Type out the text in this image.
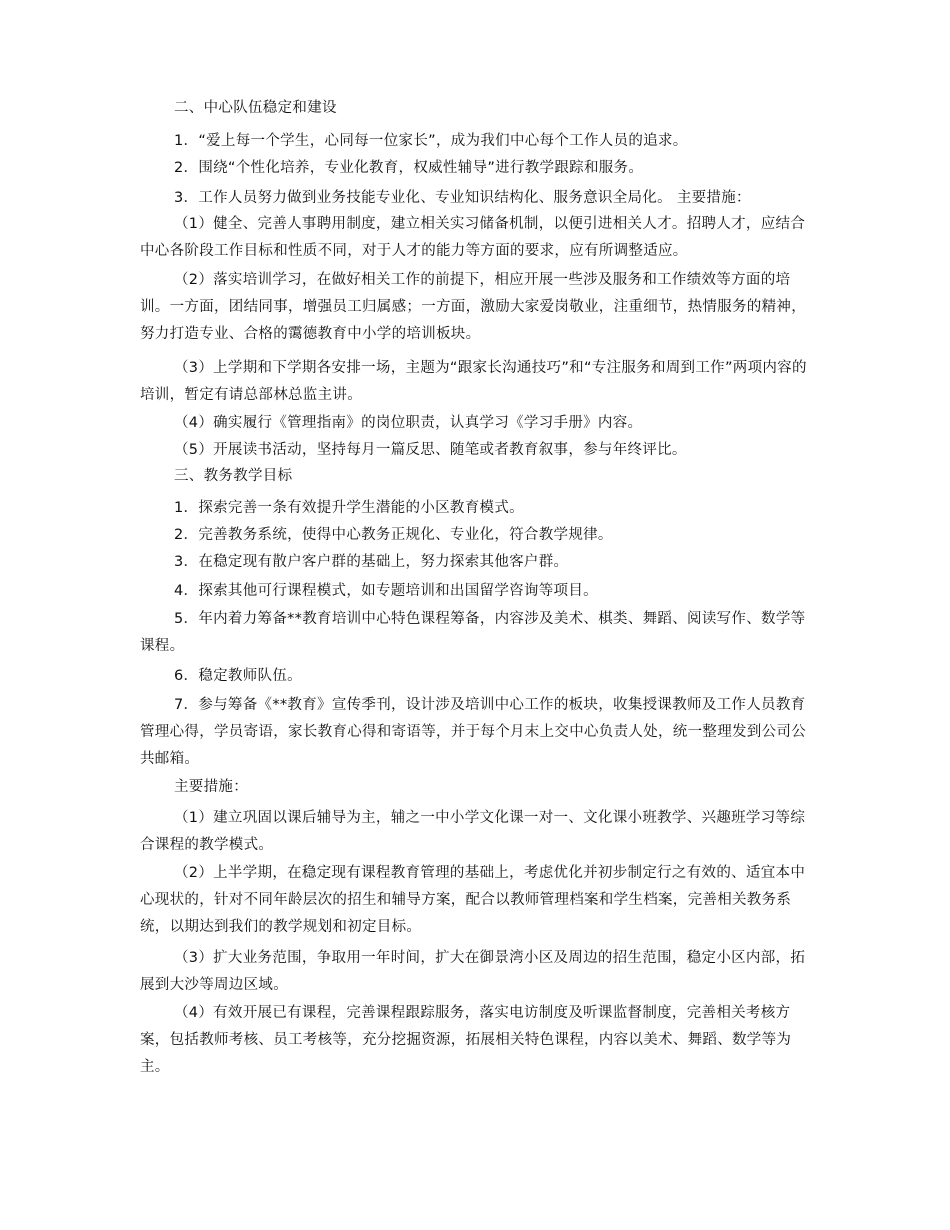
二、中心队伍稳定和建设
1．“爱上每一个学生，心同每一位家长”，成为我们中心每个工作人员的追求。
2．围绕“个性化培养，专业化教育，权威性辅导”进行教学跟踪和服务。
3．工作人员努力做到业务技能专业化、专业知识结构化、服务意识全局化。 主要措施：
（1）健全、完善人事聘用制度，建立相关实习储备机制，以便引进相关人才。招聘人才，应结合中心各阶段工作目标和性质不同，对于人才的能力等方面的要求，应有所调整适应。
（2）落实培训学习，在做好相关工作的前提下，相应开展一些涉及服务和工作绩效等方面的培训。一方面，团结同事，增强员工归属感；一方面，激励大家爱岗敬业，注重细节，热情服务的精神，努力打造专业、合格的霭德教育中小学的培训板块。
（3）上学期和下学期各安排一场，主题为“跟家长沟通技巧”和“专注服务和周到工作”两项内容的培训，暂定有请总部林总监主讲。
（4）确实履行《管理指南》的岗位职责，认真学习《学习手册》内容。
（5）开展读书活动，坚持每月一篇反思、随笔或者教育叙事，参与年终评比。
三、教务教学目标
1．探索完善一条有效提升学生潜能的小区教育模式。
2．完善教务系统，使得中心教务正规化、专业化，符合教学规律。
3．在稳定现有散户客户群的基础上，努力探索其他客户群。
4．探索其他可行课程模式，如专题培训和出国留学咨询等项目。
5．年内着力筹备**教育培训中心特色课程筹备，内容涉及美术、棋类、舞蹈、阅读写作、数学等课程。
6．稳定教师队伍。
7．参与筹备《**教育》宣传季刊，设计涉及培训中心工作的板块，收集授课教师及工作人员教育管理心得，学员寄语，家长教育心得和寄语等，并于每个月末上交中心负责人处，统一整理发到公司公共邮箱。
主要措施：
（1）建立巩固以课后辅导为主，辅之一中小学文化课一对一、文化课小班教学、兴趣班学习等综合课程的教学模式。
（2）上半学期，在稳定现有课程教育管理的基础上，考虑优化并初步制定行之有效的、适宜本中心现状的，针对不同年龄层次的招生和辅导方案，配合以教师管理档案和学生档案，完善相关教务系统，以期达到我们的教学规划和初定目标。
（3）扩大业务范围，争取用一年时间，扩大在御景湾小区及周边的招生范围，稳定小区内部，拓展到大沙等周边区域。
（4）有效开展已有课程，完善课程跟踪服务，落实电访制度及听课监督制度，完善相关考核方案，包括教师考核、员工考核等，充分挖掘资源，拓展相关特色课程，内容以美术、舞蹈、数学等为主。
